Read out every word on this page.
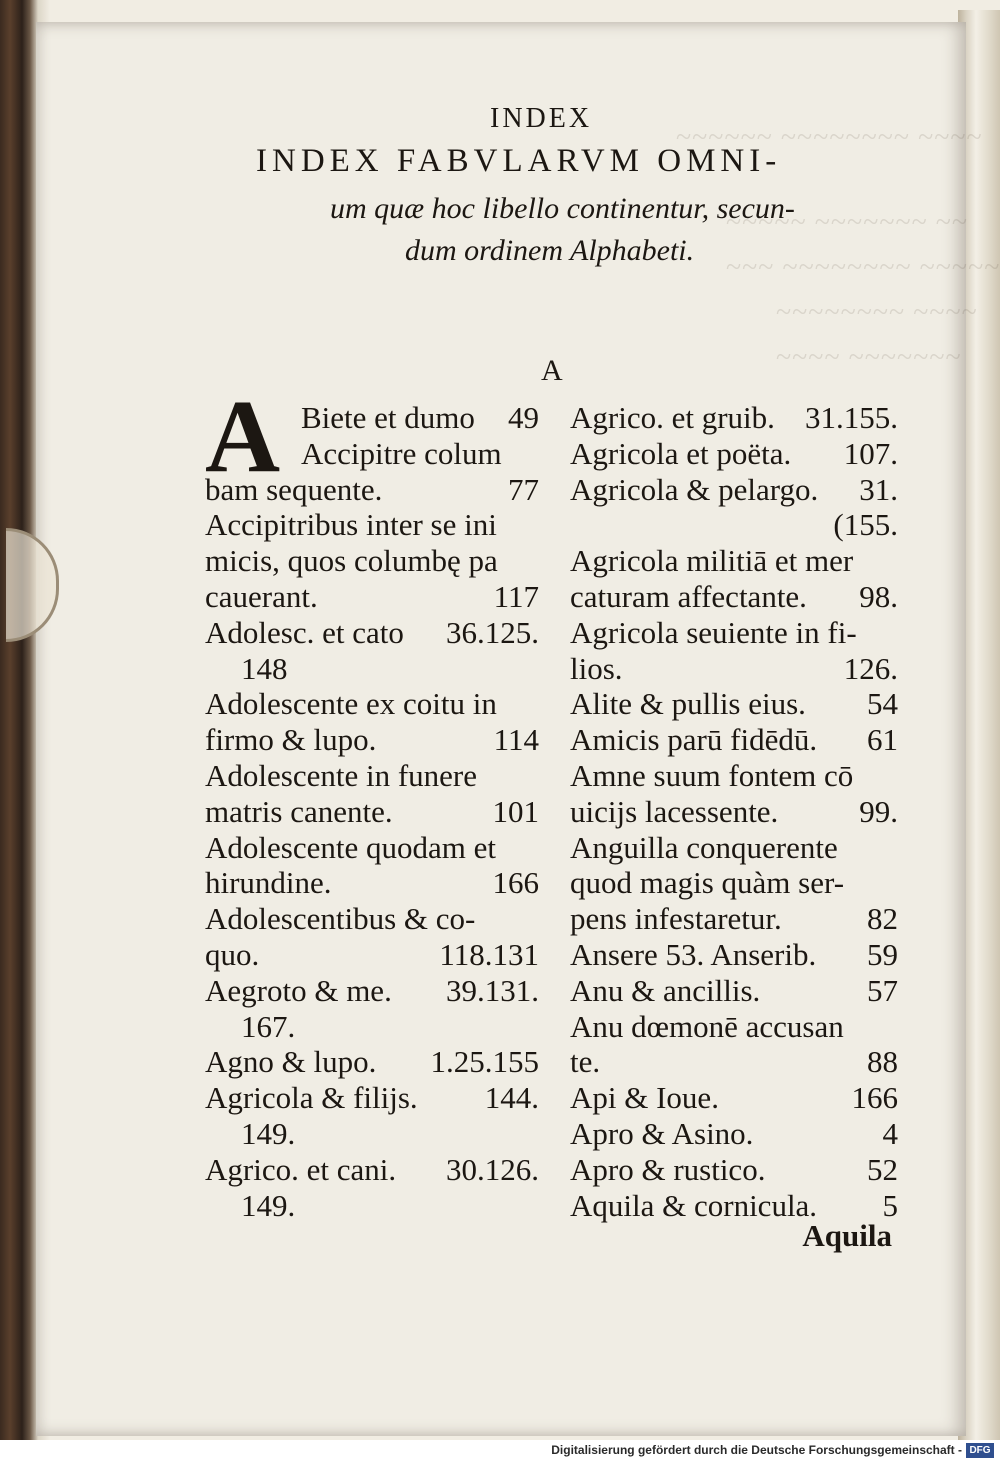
~~~~~~ ~~~~~~~~ ~~~~
~~~~~ ~~~~~~~ ~~
~~~ ~~~~~~~~ ~~~~~
~~~~~~~~ ~~~~
~~~~ ~~~~~~~
INDEX
INDEX FABVLARVM OMNI-
um quæ hoc libello continentur, secun-
dum ordinem Alphabeti.
A
A Biete et dumo 49
Accipitre colum
bam sequente.	77
Accipitribus inter se ini
micis, quos columbę pa
cauerant.	117
Adolesc. et cato 36.125.
148
Adolescente ex coitu in
firmo & lupo.	114
Adolescente in funere
matris canente.	101
Adolescente quodam et
hirundine.	166
Adolescentibus & co-
quo.	118.131
Aegroto & me. 39.131.
167.
Agno & lupo. 1.25.155
Agricola & filijs. 144.
149.
Agrico. et cani. 30.126.
149.
Agrico. et gruib. 31.155.
Agricola et poëta. 107.
Agricola & pelargo. 31.
(155.
Agricola militiā et mer
caturam affectante. 98.
Agricola seuiente in fi-
lios.	126.
Alite & pullis eius. 54
Amicis parū fidēdū. 61
Amne suum fontem cō
uicijs lacessente.	99.
Anguilla conquerente
quod magis quàm ser-
pens infestaretur.	82
Ansere 53. Anserib. 59
Anu & ancillis.	57
Anu dœmonē accusan
te.	88
Api & Ioue.	166
Apro & Asino.	4
Apro & rustico.	52
Aquila & cornicula. 5
Aquila
Digitalisierung gefördert durch die Deutsche Forschungsgemeinschaft - DFG
